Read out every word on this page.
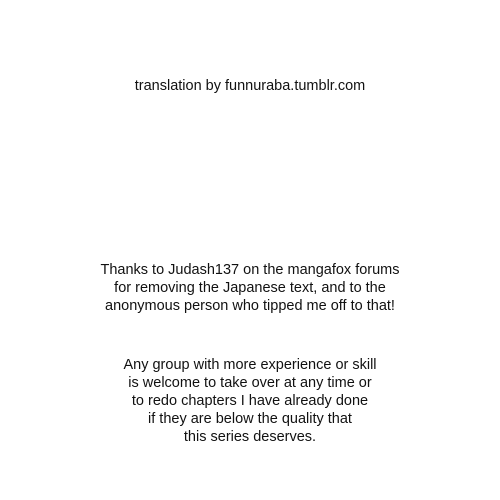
translation by funnuraba.tumblr.com
Thanks to Judash137 on the mangafox forums
for removing the Japanese text, and to the
anonymous person who tipped me off to that!
Any group with more experience or skill
is welcome to take over at any time or
to redo chapters I have already done
if they are below the quality that
this series deserves.
